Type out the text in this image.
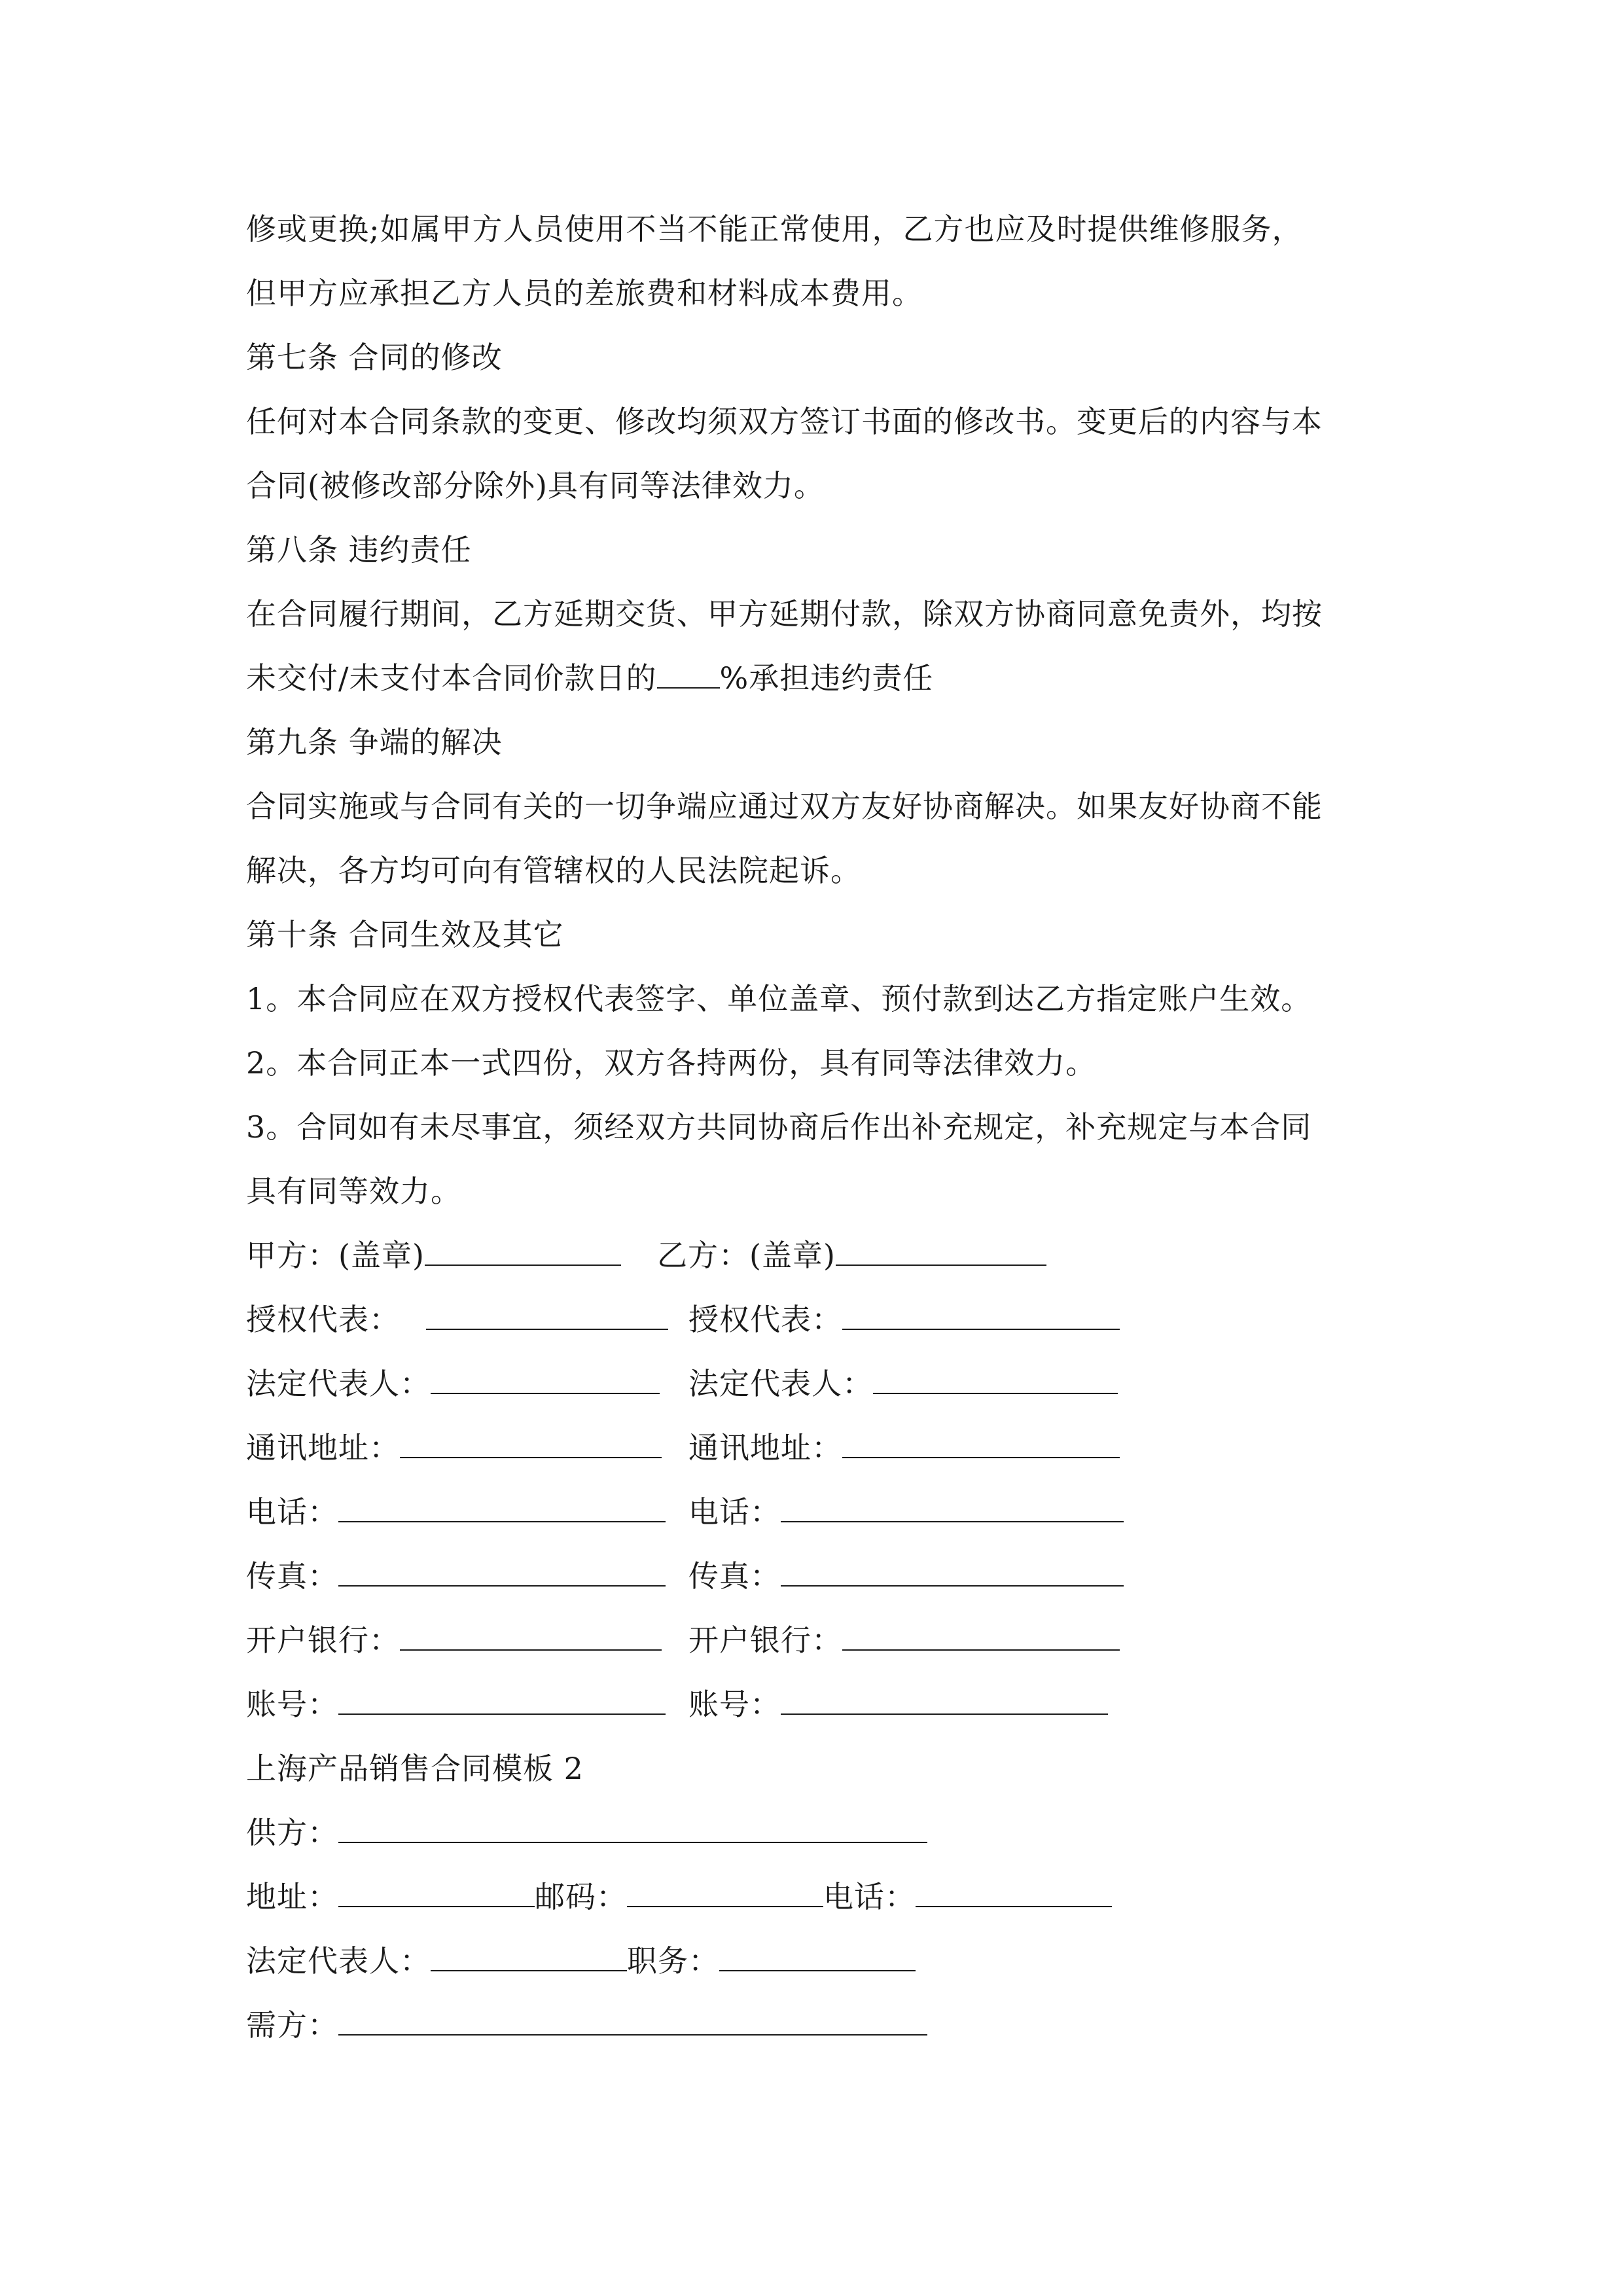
修或更换;如属甲方人员使用不当不能正常使用，乙方也应及时提供维修服务，
但甲方应承担乙方人员的差旅费和材料成本费用。
第七条 合同的修改
任何对本合同条款的变更、修改均须双方签订书面的修改书。变更后的内容与本
合同(被修改部分除外)具有同等法律效力。
第八条 违约责任
在合同履行期间，乙方延期交货、甲方延期付款，除双方协商同意免责外，均按
未交付/未支付本合同价款日的 %承担违约责任
第九条 争端的解决
合同实施或与合同有关的一切争端应通过双方友好协商解决。如果友好协商不能
解决，各方均可向有管辖权的人民法院起诉。
第十条 合同生效及其它
1。本合同应在双方授权代表签字、单位盖章、预付款到达乙方指定账户生效。
2。本合同正本一式四份，双方各持两份，具有同等法律效力。
3。合同如有未尽事宜，须经双方共同协商后作出补充规定，补充规定与本合同
具有同等效力。
甲方：(盖章)	乙方：(盖章)
授权代表：	授权代表：
法定代表人：	法定代表人：
通讯地址：	通讯地址：
电话：	电话：
传真：	传真：
开户银行：	开户银行：
账号：	账号：
上海产品销售合同模板 2
供方：
地址：	邮码：	电话：
法定代表人：	职务：
需方：
